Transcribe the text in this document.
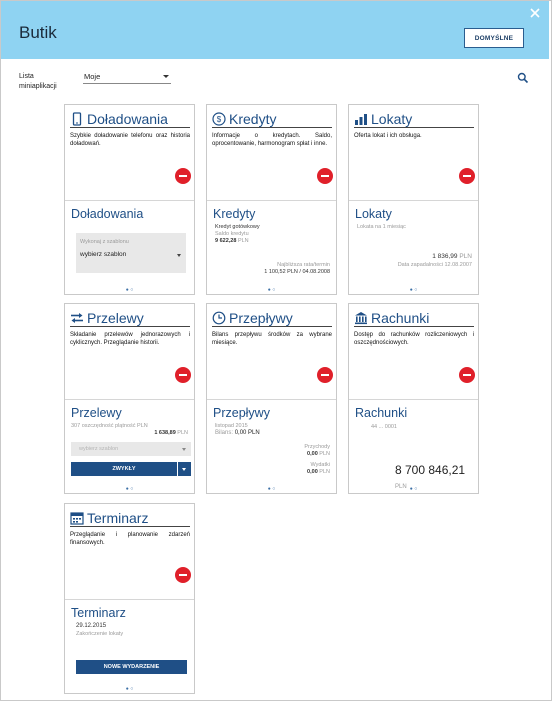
Butik	DOMYŚLNE
Lista
miniaplikacji
Moje
Doładowania
Szybkie doładowanie telefonu oraz historia doładowań.
Doładowania
Wykonaj z szablonu
wybierz szablon
● ○
$ Kredyty
Informacje o kredytach. Saldo, oprocentowanie, harmonogram spłat i inne.
Kredyty
Kredyt gotówkowy
Saldo kredytu
9 622,28 PLN
Najbliższa rata/termin
1 100,52 PLN / 04.08.2008
● ○
Lokaty
Oferta lokat i ich obsługa.
Lokaty
Lokata na 1 miesiąc
1 836,99 PLN
Data zapadalności 12.08.2007
● ○
Przelewy
Składanie przelewów jednorazowych i cyklicznych. Przeglądanie historii.
Przelewy
307 oszczędność plątność PLN
1 638,89 PLN
wybierz szablon
ZWYKŁY
● ○
Przepływy
Bilans przepływu środków za wybrane miesiące.
Przepływy
listopad 2015
Bilans: 0,00 PLN
Przychody
0,00 PLN
Wydatki
0,00 PLN
● ○
Rachunki
Dostęp do rachunków rozliczeniowych i oszczędnościowych.
Rachunki
44 ... 0001
8 700 846,21 PLN ● ○
Terminarz
Przeglądanie i planowanie zdarzeń finansowych.
Terminarz
29.12.2015
Zakończenie lokaty
NOWE WYDARZENIE
● ○
